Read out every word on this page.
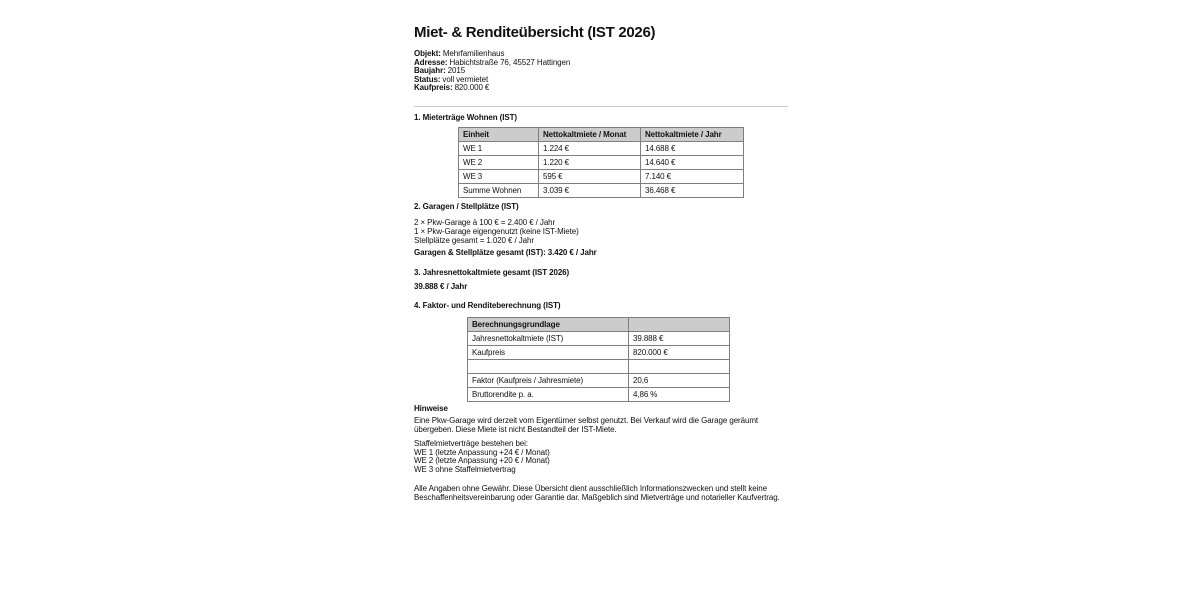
Miet- & Renditeübersicht (IST 2026)
Objekt: Mehrfamilienhaus
Adresse: Habichtstraße 76, 45527 Hattingen
Baujahr: 2015
Status: voll vermietet
Kaufpreis: 820.000 €
1. Mieterträge Wohnen (IST)
Einheit	Nettokaltmiete / Monat	Nettokaltmiete / Jahr
WE 1	1.224 €	14.688 €
WE 2	1.220 €	14.640 €
WE 3	595 €	7.140 €
Summe Wohnen	3.039 €	36.468 €
2. Garagen / Stellplätze (IST)
2 × Pkw-Garage à 100 € = 2.400 € / Jahr
1 × Pkw-Garage eigengenutzt (keine IST-Miete)
Stellplätze gesamt = 1.020 € / Jahr
Garagen & Stellplätze gesamt (IST): 3.420 € / Jahr
3. Jahresnettokaltmiete gesamt (IST 2026)
39.888 € / Jahr
4. Faktor- und Renditeberechnung (IST)
Berechnungsgrundlage	
Jahresnettokaltmiete (IST)	39.888 €
Kaufpreis	820.000 €

Faktor (Kaufpreis / Jahresmiete)	20,6
Bruttorendite p. a.	4,86 %
Hinweise

Eine Pkw-Garage wird derzeit vom Eigentümer selbst genutzt. Bei Verkauf wird die Garage geräumt übergeben. Diese Miete ist nicht Bestandteil der IST-Miete.

Staffelmietverträge bestehen bei:
WE 1 (letzte Anpassung +24 € / Monat)
WE 2 (letzte Anpassung +20 € / Monat)
WE 3 ohne Staffelmietvertrag

Alle Angaben ohne Gewähr. Diese Übersicht dient ausschließlich Informationszwecken und stellt keine Beschaffenheitsvereinbarung oder Garantie dar. Maßgeblich sind Mietverträge und notarieller Kaufvertrag.
